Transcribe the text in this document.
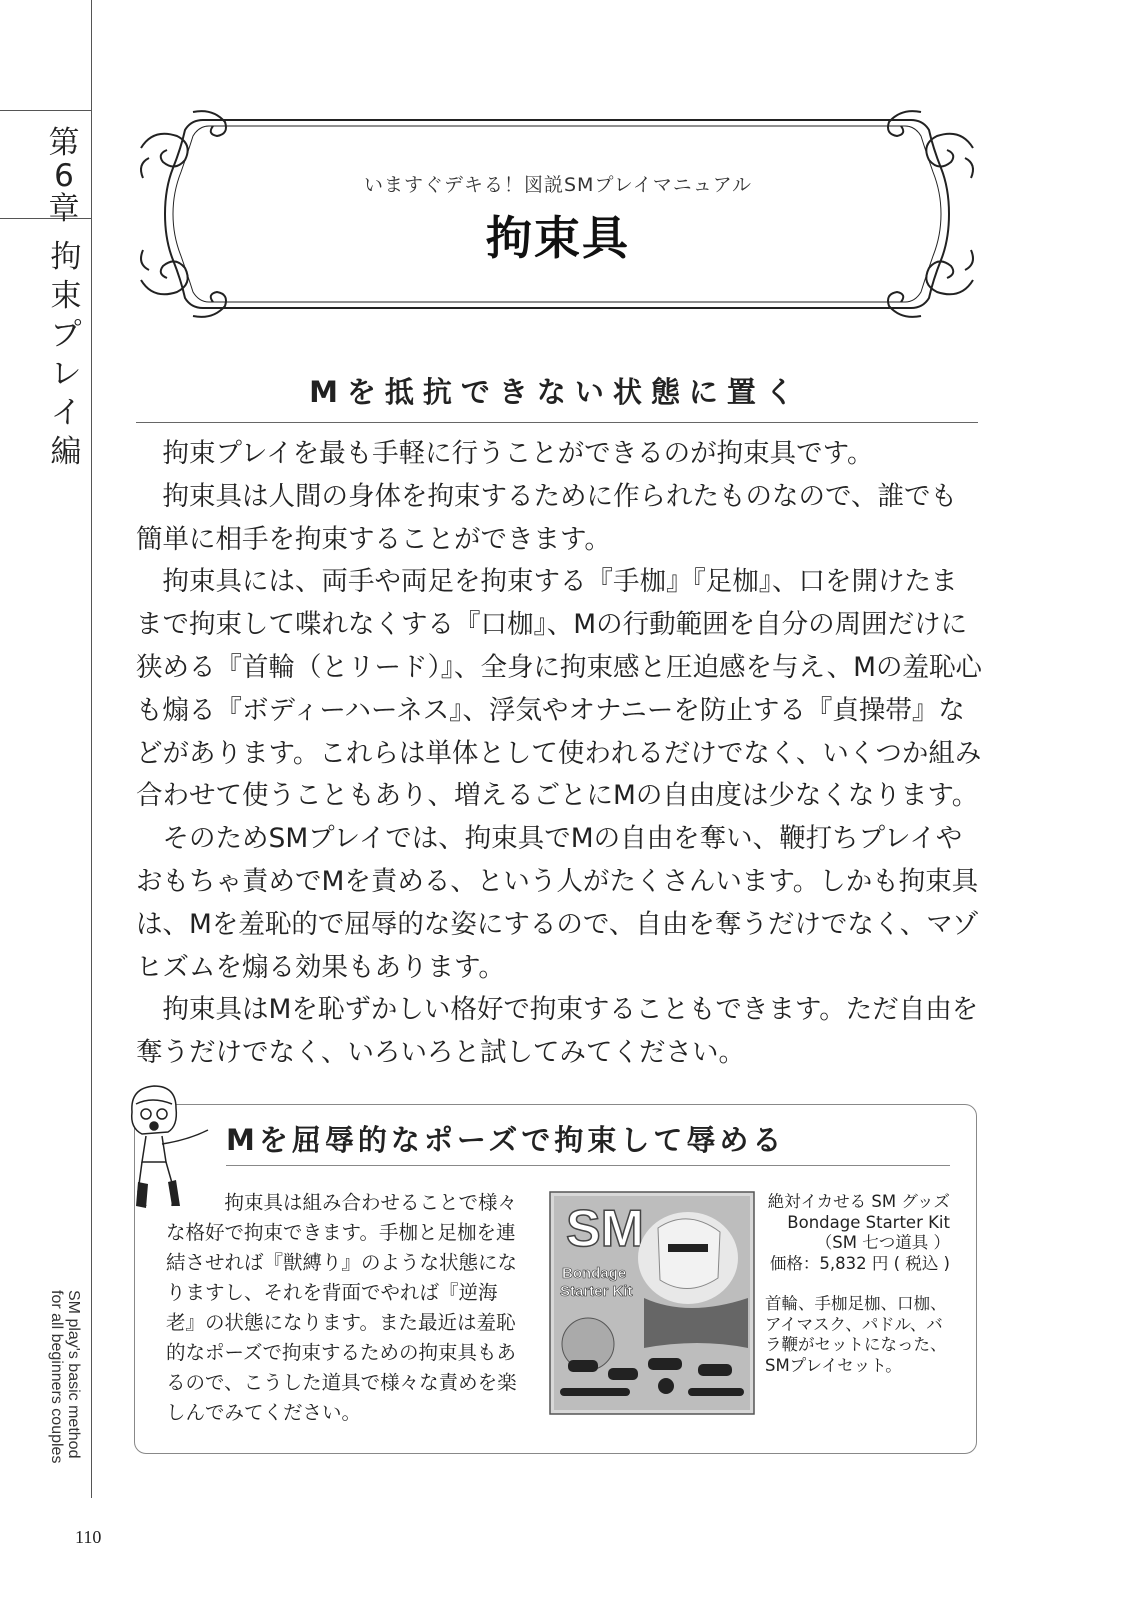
第6章
拘
束
プ
レ
イ
編
SM play's basic method
for all beginners couples
110
いますぐデキる！図説SMプレイマニュアル
拘束具
Mを抵抗できない状態に置く

拘束プレイを最も手軽に行うことができるのが拘束具です。

拘束具は人間の身体を拘束するために作られたものなので、誰でも簡単に相手を拘束することができます。

拘束具には、両手や両足を拘束する『手枷』『足枷』、口を開けたままで拘束して喋れなくする『口枷』、Mの行動範囲を自分の周囲だけに狭める『首輪（とリード）』、全身に拘束感と圧迫感を与え、Mの羞恥心も煽る『ボディーハーネス』、浮気やオナニーを防止する『貞操帯』などがあります。これらは単体として使われるだけでなく、いくつか組み合わせて使うこともあり、増えるごとにMの自由度は少なくなります。

そのためSMプレイでは、拘束具でMの自由を奪い、鞭打ちプレイやおもちゃ責めでMを責める、という人がたくさんいます。しかも拘束具は、Mを羞恥的で屈辱的な姿にするので、自由を奪うだけでなく、マゾヒズムを煽る効果もあります。

拘束具はMを恥ずかしい格好で拘束することもできます。ただ自由を奪うだけでなく、いろいろと試してみてください。

Mを屈辱的なポーズで拘束して辱める

拘束具は組み合わせることで様々な格好で拘束できます。手枷と足枷を連結させれば『獣縛り』のような状態になりますし、それを背面でやれば『逆海老』の状態になります。また最近は羞恥的なポーズで拘束するための拘束具もあるので、こうした道具で様々な責めを楽しんでみてください。

SM
Bondage
Starter Kit
絶対イカせる SM グッズ
Bondage Starter Kit
（SM 七つ道具 ）
価格：5,832 円 ( 税込 )
首輪、手枷足枷、口枷、アイマスク、パドル、バラ鞭がセットになった、SMプレイセット。
